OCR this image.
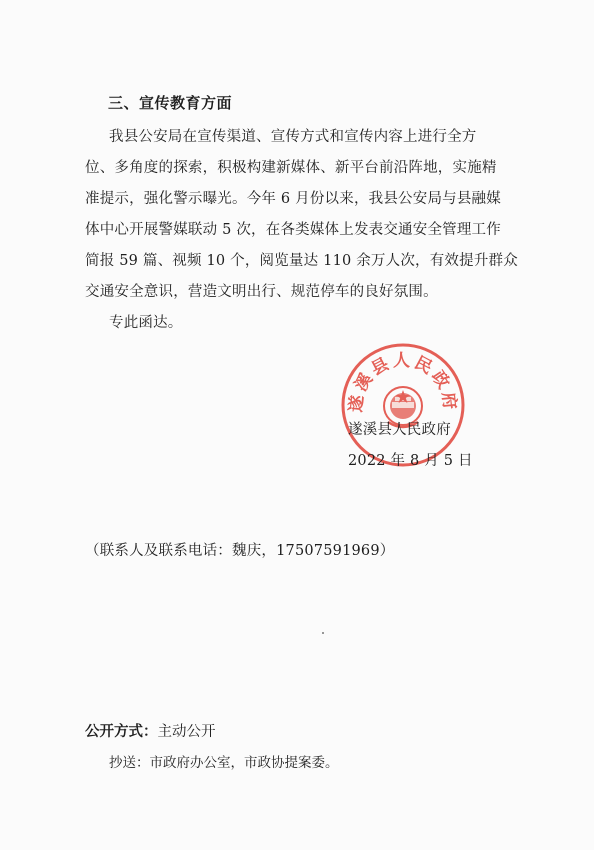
三、宣传教育方面
我县公安局在宣传渠道、宣传方式和宣传内容上进行全方
位、多角度的探索，积极构建新媒体、新平台前沿阵地，实施精
准提示，强化警示曝光。今年 6 月份以来，我县公安局与县融媒
体中心开展警媒联动 5 次，在各类媒体上发表交通安全管理工作
简报 59 篇、视频 10 个，阅览量达 110 余万人次，有效提升群众
交通安全意识，营造文明出行、规范停车的良好氛围。
专此函达。
遂溪县人民政府
遂溪县人民政府
2022 年 8 月 5 日
（联系人及联系电话：魏庆，17507591969）
公开方式：主动公开
抄送：市政府办公室，市政协提案委。
